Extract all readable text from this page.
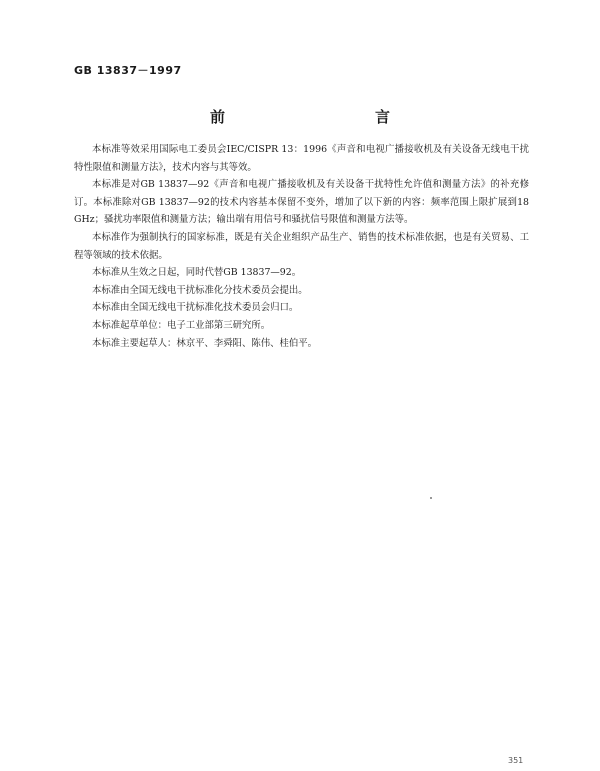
GB 13837－1997
前　　言

本标准等效采用国际电工委员会IEC/CISPR 13：1996《声音和电视广播接收机及有关设备无线电干扰特性限值和测量方法》，技术内容与其等效。

本标准是对GB 13837—92《声音和电视广播接收机及有关设备干扰特性允许值和测量方法》的补充修订。本标准除对GB 13837—92的技术内容基本保留不变外，增加了以下新的内容：频率范围上限扩展到18 GHz；骚扰功率限值和测量方法；输出端有用信号和骚扰信号限值和测量方法等。

本标准作为强制执行的国家标准，既是有关企业组织产品生产、销售的技术标准依据，也是有关贸易、工程等领域的技术依据。

本标准从生效之日起，同时代替GB 13837—92。

本标准由全国无线电干扰标准化分技术委员会提出。

本标准由全国无线电干扰标准化技术委员会归口。

本标准起草单位：电子工业部第三研究所。

本标准主要起草人：林京平、李舜阳、陈伟、桂伯平。

351
